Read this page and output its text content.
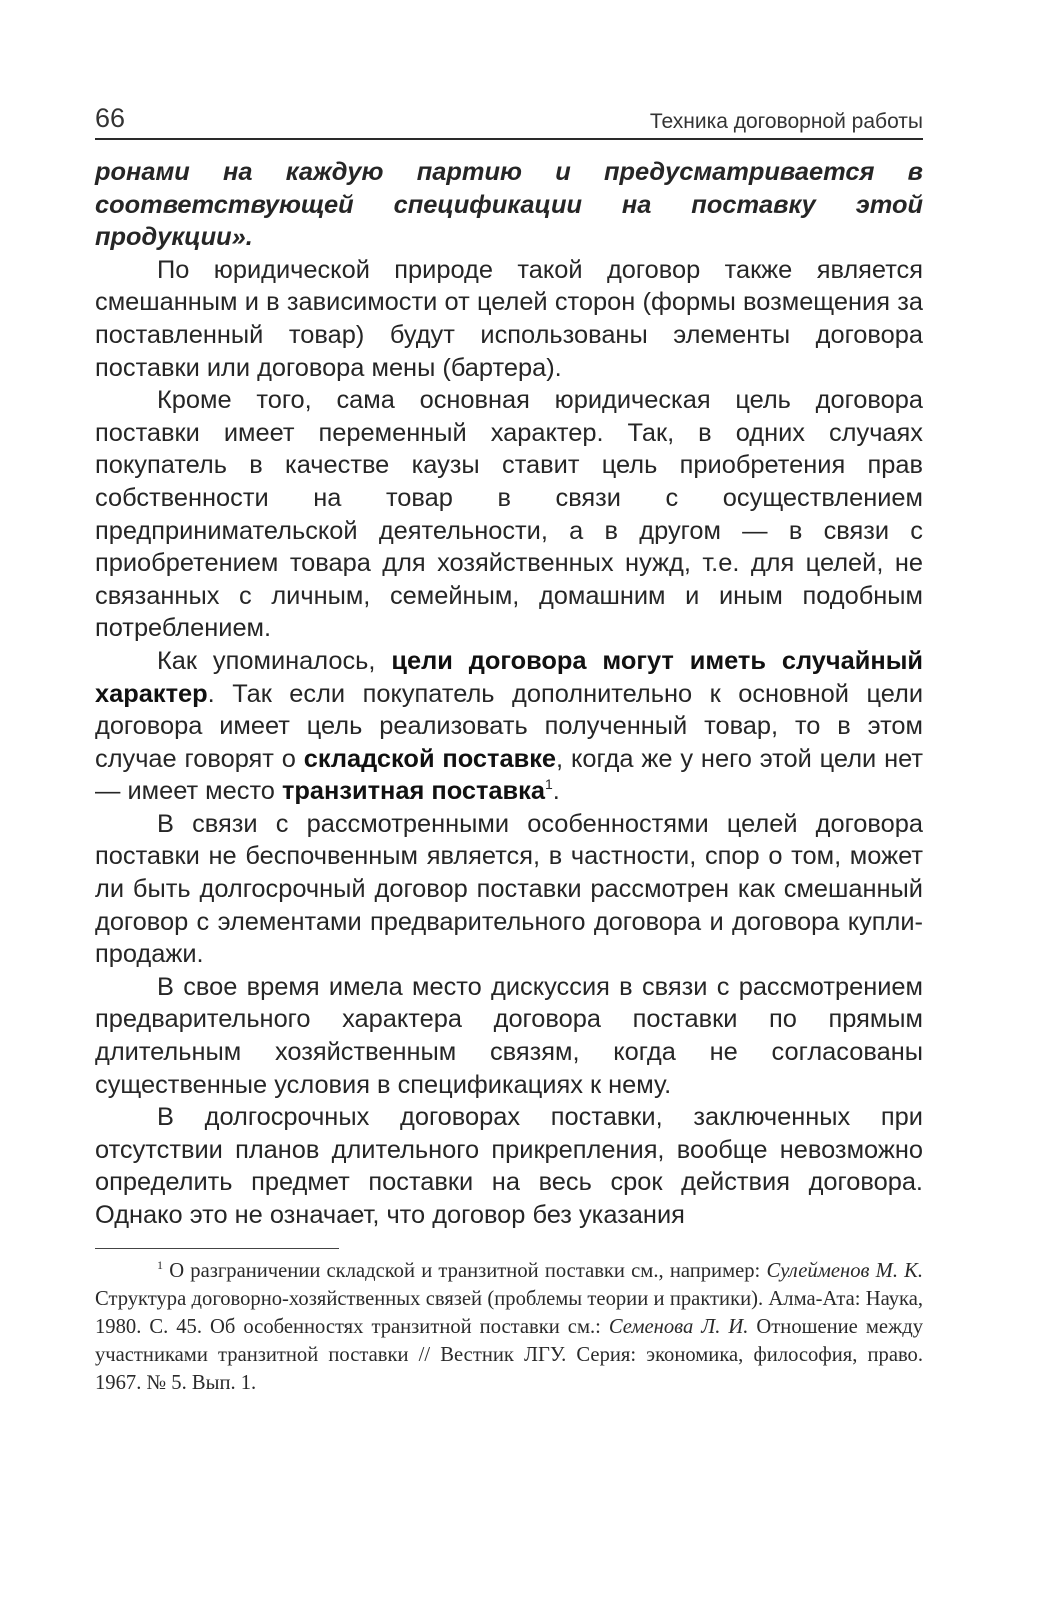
66	Техника договорной работы

ронами на каждую партию и предусматривается в соответствующей спецификации на поставку этой продукции».

По юридической природе такой договор также является смешанным и в зависимости от целей сторон (формы возмещения за поставленный товар) будут использованы элементы договора поставки или договора мены (бартера).

Кроме того, сама основная юридическая цель договора поставки имеет переменный характер. Так, в одних случаях покупатель в качестве каузы ставит цель приобретения прав собственности на товар в связи с осуществлением предпринимательской деятельности, а в другом — в связи с приобретением товара для хозяйственных нужд, т.е. для целей, не связанных с личным, семейным, домашним и иным подобным потреблением.

Как упоминалось, цели договора могут иметь случайный характер. Так если покупатель дополнительно к основной цели договора имеет цель реализовать полученный товар, то в этом случае говорят о складской поставке, когда же у него этой цели нет — имеет место транзитная поставка$^1$.

В связи с рассмотренными особенностями целей договора поставки не беспочвенным является, в частности, спор о том, может ли быть долгосрочный договор поставки рассмотрен как смешанный договор с элементами предварительного договора и договора купли-продажи.

В свое время имела место дискуссия в связи с рассмотрением предварительного характера договора поставки по прямым длительным хозяйственным связям, когда не согласованы существенные условия в спецификациях к нему.

В долгосрочных договорах поставки, заключенных при отсутствии планов длительного прикрепления, вообще невозможно определить предмет поставки на весь срок действия договора. Однако это не означает, что договор без указания

$^1$ О разграничении складской и транзитной поставки см., например: Сулейменов М. К. Структура договорно-хозяйственных связей (проблемы теории и практики). Алма-Ата: Наука, 1980. С. 45. Об особенностях транзитной поставки см.: Семенова Л. И. Отношение между участниками транзитной поставки // Вестник ЛГУ. Серия: экономика, философия, право. 1967. № 5. Вып. 1.
